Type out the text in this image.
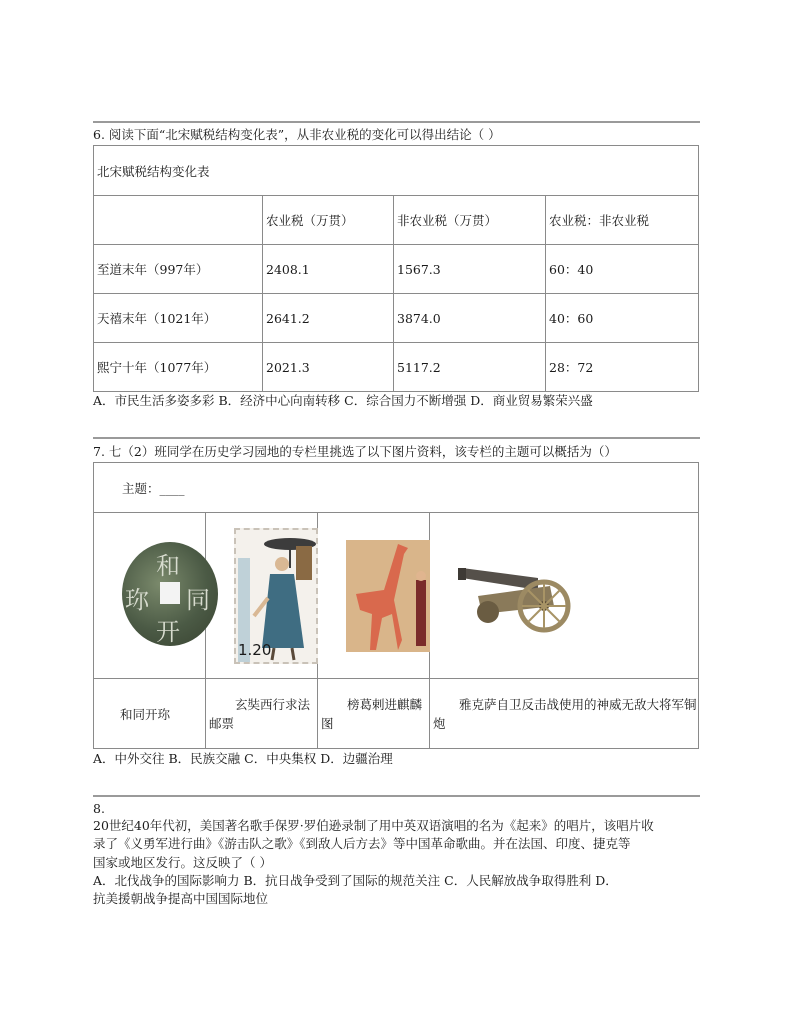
6. 阅读下面“北宋赋税结构变化表”，从非农业税的变化可以得出结论（ ）
北宋赋税结构变化表			
	农业税（万贯）	非农业税（万贯）	农业税：非农业税
至道末年（997年）	2408.1	1567.3	60：40
天禧末年（1021年）	2641.2	3874.0	40：60
熙宁十年（1077年）	2021.3	5117.2	28：72
A．市民生活多姿多彩 B．经济中心向南转移 C．综合国力不断增强 D．商业贸易繁荣兴盛
7. 七（2）班同学在历史学习园地的专栏里挑选了以下图片资料，该专栏的主题可以概括为（）
主题：____			

和同开珎	玄奘西行求法邮票	榜葛剌进麒麟图	雅克萨自卫反击战使用的神威无敌大将军铜炮
和
同
开
珎
1.20
A．中外交往 B．民族交融 C．中央集权 D．边疆治理
8.
20世纪40年代初，美国著名歌手保罗·罗伯逊录制了用中英双语演唱的名为《起来》的唱片，该唱片收
录了《义勇军进行曲》《游击队之歌》《到敌人后方去》等中国革命歌曲。并在法国、印度、捷克等
国家或地区发行。这反映了（ ）
A．北伐战争的国际影响力 B．抗日战争受到了国际的规范关注 C．人民解放战争取得胜利 D．
抗美援朝战争提高中国国际地位
